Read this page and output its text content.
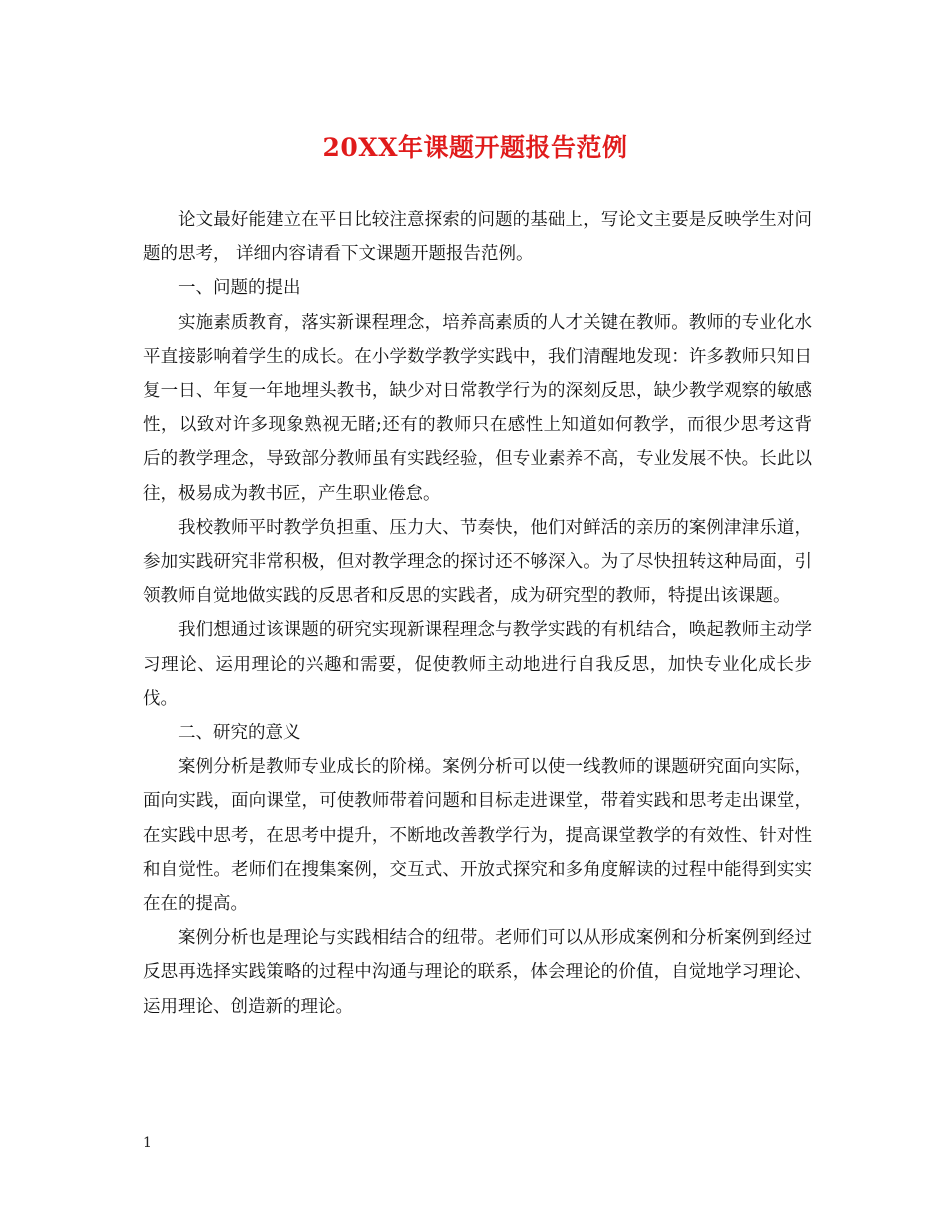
20XX年课题开题报告范例

论文最好能建立在平日比较注意探索的问题的基础上，写论文主要是反映学生对问题的思考， 详细内容请看下文课题开题报告范例。

一、问题的提出

实施素质教育，落实新课程理念，培养高素质的人才关键在教师。教师的专业化水平直接影响着学生的成长。在小学数学教学实践中，我们清醒地发现：许多教师只知日复一日、年复一年地埋头教书，缺少对日常教学行为的深刻反思，缺少教学观察的敏感性，以致对许多现象熟视无睹;还有的教师只在感性上知道如何教学，而很少思考这背后的教学理念，导致部分教师虽有实践经验，但专业素养不高，专业发展不快。长此以往，极易成为教书匠，产生职业倦怠。

我校教师平时教学负担重、压力大、节奏快，他们对鲜活的亲历的案例津津乐道，参加实践研究非常积极，但对教学理念的探讨还不够深入。为了尽快扭转这种局面，引领教师自觉地做实践的反思者和反思的实践者，成为研究型的教师，特提出该课题。

我们想通过该课题的研究实现新课程理念与教学实践的有机结合，唤起教师主动学习理论、运用理论的兴趣和需要，促使教师主动地进行自我反思，加快专业化成长步伐。

二、研究的意义

案例分析是教师专业成长的阶梯。案例分析可以使一线教师的课题研究面向实际，面向实践，面向课堂，可使教师带着问题和目标走进课堂，带着实践和思考走出课堂，在实践中思考，在思考中提升，不断地改善教学行为，提高课堂教学的有效性、针对性和自觉性。老师们在搜集案例，交互式、开放式探究和多角度解读的过程中能得到实实在在的提高。

案例分析也是理论与实践相结合的纽带。老师们可以从形成案例和分析案例到经过反思再选择实践策略的过程中沟通与理论的联系，体会理论的价值，自觉地学习理论、运用理论、创造新的理论。

1
